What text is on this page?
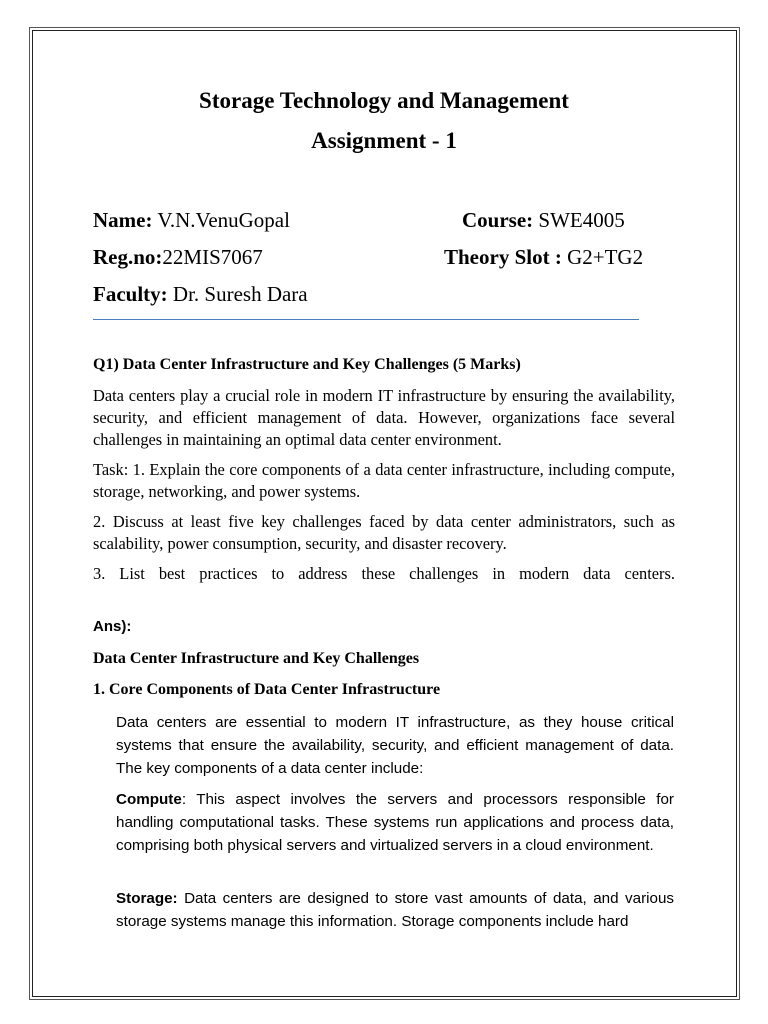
Storage Technology and Management
Assignment - 1
Name: V.N.VenuGopal	Course: SWE4005
Reg.no:22MIS7067	Theory Slot : G2+TG2
Faculty: Dr. Suresh Dara
Q1) Data Center Infrastructure and Key Challenges (5 Marks)
Data centers play a crucial role in modern IT infrastructure by ensuring the availability, security, and efficient management of data. However, organizations face several challenges in maintaining an optimal data center environment.
Task: 1. Explain the core components of a data center infrastructure, including compute, storage, networking, and power systems.
2. Discuss at least five key challenges faced by data center administrators, such as scalability, power consumption, security, and disaster recovery.
3. List best practices to address these challenges in modern data centers.
Ans):
Data Center Infrastructure and Key Challenges
1. Core Components of Data Center Infrastructure
Data centers are essential to modern IT infrastructure, as they house critical systems that ensure the availability, security, and efficient management of data. The key components of a data center include:
Compute: This aspect involves the servers and processors responsible for handling computational tasks. These systems run applications and process data, comprising both physical servers and virtualized servers in a cloud environment.
Storage: Data centers are designed to store vast amounts of data, and various storage systems manage this information. Storage components include hard
